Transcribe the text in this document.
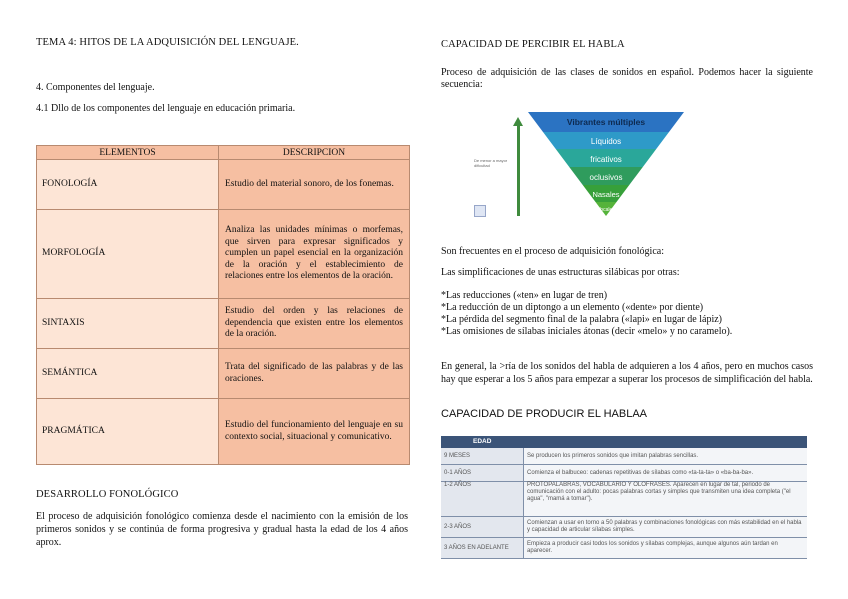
TEMA 4: HITOS DE LA ADQUISICIÓN DEL LENGUAJE.
4. Componentes del lenguaje.
4.1 Dllo de los componentes del lenguaje en educación primaria.
ELEMENTOS	DESCRIPCION
FONOLOGÍA	Estudio del material sonoro, de los fonemas.
MORFOLOGÍA	Analiza las unidades mínimas o morfemas, que sirven para expresar significados y cumplen un papel esencial en la organización de la oración y el establecimiento de relaciones entre los elementos de la oración.
SINTAXIS	Estudio del orden y las relaciones de dependencia que existen entre los elementos de la oración.
SEMÁNTICA	Trata del significado de las palabras y de las oraciones.
PRAGMÁTICA	Estudio del funcionamiento del lenguaje en su contexto social, situacional y comunicativo.
DESARROLLO FONOLÓGICO
El proceso de adquisición fonológico comienza desde el nacimiento con la emisión de los primeros sonidos y se continúa de forma progresiva y gradual hasta la edad de los 4 años aprox.
CAPACIDAD DE PERCIBIR EL HABLA
Proceso de adquisición de las clases de sonidos en español. Podemos hacer la siguiente secuencia:
De menor a mayor dificultad
Vibrantes múltiples
Líquidos
fricativos
oclusivos
Nasales
Vocales
Son frecuentes en el proceso de adquisición fonológica:
Las simplificaciones de unas estructuras silábicas por otras:
*Las reducciones («ten» en lugar de tren)
*La reducción de un diptongo a un elemento («dente» por diente)
*La pérdida del segmento final de la palabra («lapi» en lugar de lápiz)
*Las omisiones de sílabas iniciales átonas (decir «melo» y no caramelo).
En general, la >ría de los sonidos del habla de adquieren a los 4 años, pero en muchos casos hay que esperar a los 5 años para empezar a superar los procesos de simplificación del habla.
CAPACIDAD DE PRODUCIR EL HABLAA
EDAD	
9 MESES	Se producen los primeros sonidos que imitan palabras sencillas.
0-1 AÑOS	Comienza el balbuceo: cadenas repetitivas de sílabas como «ta-ta-ta» o «ba-ba-ba».
1-2 AÑOS	PROTOPALABRAS, VOCABULARIO Y OLOFRASES. Aparecen en lugar de tal, periodo de comunicación con el adulto: pocas palabras cortas y simples que transmiten una idea completa ("el agua", "mamá a tomar").
2-3 AÑOS	Comienzan a usar en torno a 50 palabras y combinaciones fonológicas con más estabilidad en el habla y capacidad de articular sílabas simples.
3 AÑOS EN ADELANTE	Empieza a producir casi todos los sonidos y sílabas complejas, aunque algunos aún tardan en aparecer.
